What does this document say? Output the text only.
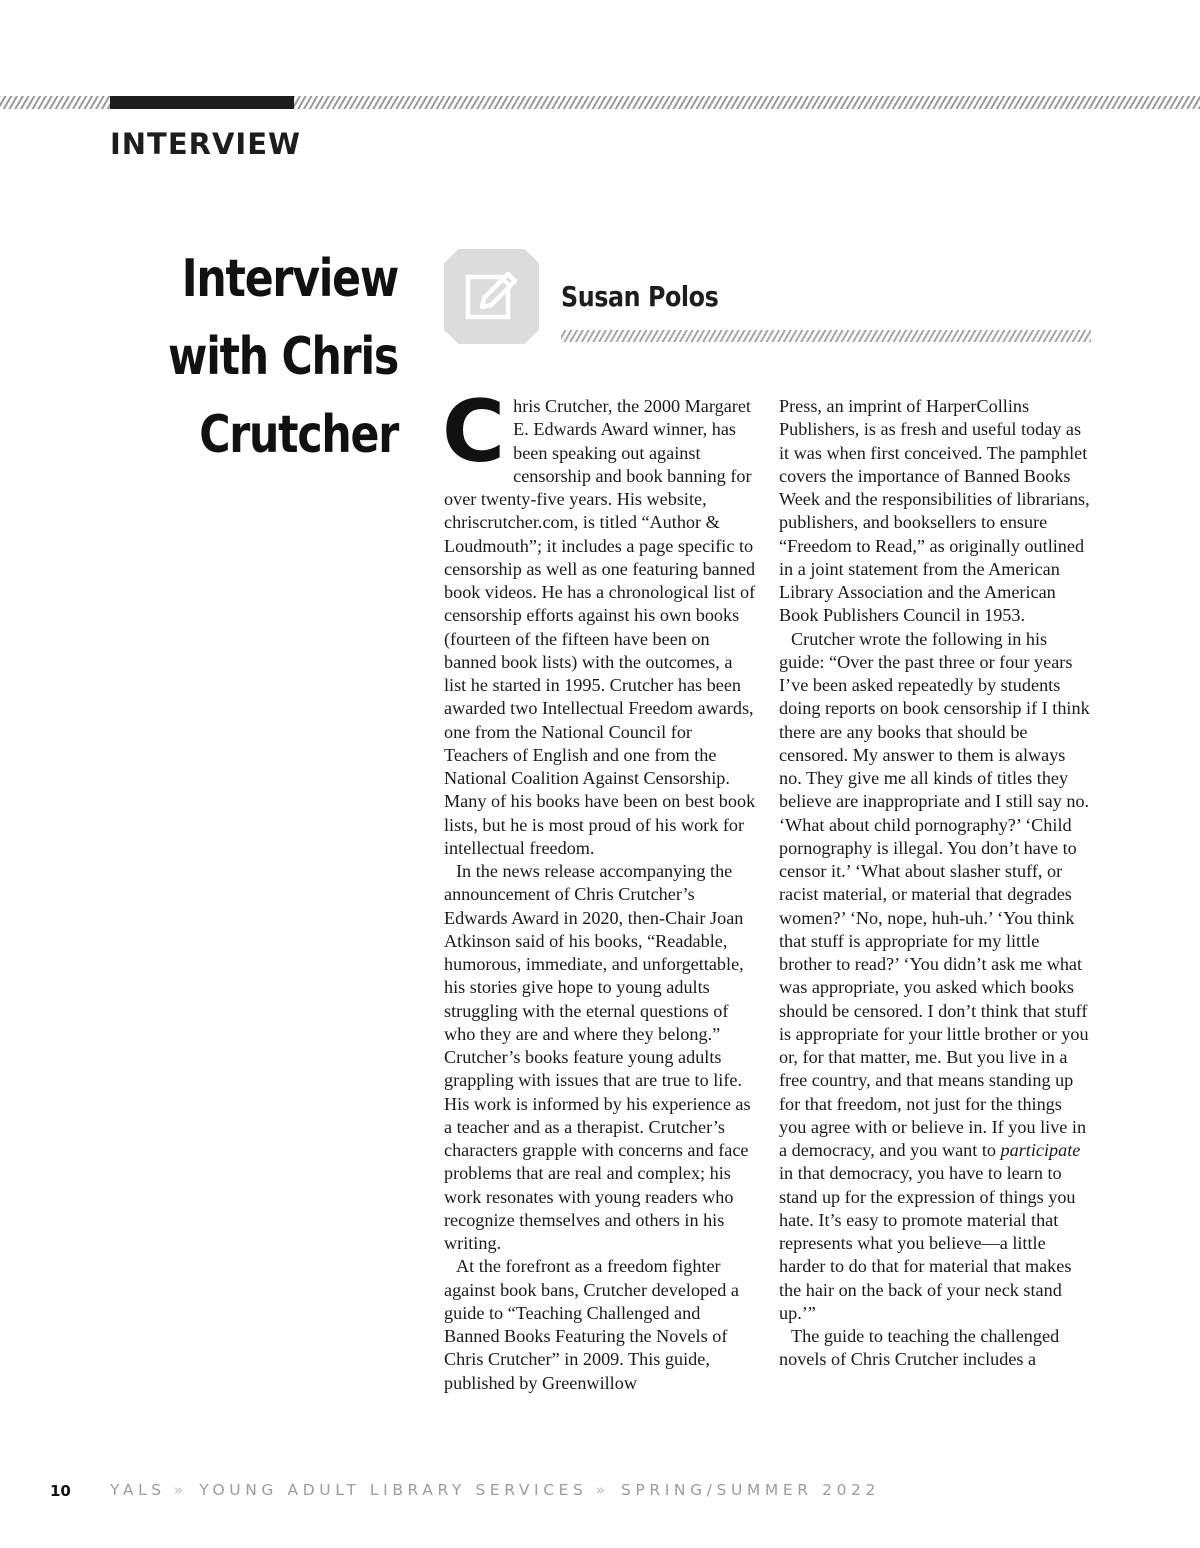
INTERVIEW
Interview
with Chris
Crutcher
Susan Polos

Chris Crutcher, the 2000 Margaret E. Edwards Award winner, has been speaking out against censorship and book banning for over twenty-five years. His website, chriscrutcher.com, is titled “Author & Loudmouth”; it includes a page specific to censorship as well as one featuring banned book videos. He has a chronological list of censorship efforts against his own books (fourteen of the fifteen have been on banned book lists) with the outcomes, a list he started in 1995. Crutcher has been awarded two Intellectual Freedom awards, one from the National Council for Teachers of English and one from the National Coalition Against Censorship. Many of his books have been on best book lists, but he is most proud of his work for intellectual freedom.

In the news release accompanying the announcement of Chris Crutcher’s Edwards Award in 2020, then-Chair Joan Atkinson said of his books, “Readable, humorous, immediate, and unforgettable, his stories give hope to young adults struggling with the eternal questions of who they are and where they belong.” Crutcher’s books feature young adults grappling with issues that are true to life. His work is informed by his experience as a teacher and as a therapist. Crutcher’s characters grapple with concerns and face problems that are real and complex; his work resonates with young readers who recognize themselves and others in his writing.

At the forefront as a freedom fighter against book bans, Crutcher developed a guide to “Teaching Challenged and Banned Books Featuring the Novels of Chris Crutcher” in 2009. This guide, published by Greenwillow

Press, an imprint of HarperCollins Publishers, is as fresh and useful today as it was when first conceived. The pamphlet covers the importance of Banned Books Week and the responsibilities of librarians, publishers, and booksellers to ensure “Freedom to Read,” as originally outlined in a joint statement from the American Library Association and the American Book Publishers Council in 1953.

Crutcher wrote the following in his guide: “Over the past three or four years I’ve been asked repeatedly by students doing reports on book censorship if I think there are any books that should be censored. My answer to them is always no. They give me all kinds of titles they believe are inappropriate and I still say no. ‘What about child pornography?’ ‘Child pornography is illegal. You don’t have to censor it.’ ‘What about slasher stuff, or racist material, or material that degrades women?’ ‘No, nope, huh-uh.’ ‘You think that stuff is appropriate for my little brother to read?’ ‘You didn’t ask me what was appropriate, you asked which books should be censored. I don’t think that stuff is appropriate for your little brother or you or, for that matter, me. But you live in a free country, and that means standing up for that freedom, not just for the things you agree with or believe in. If you live in a democracy, and you want to participate in that democracy, you have to learn to stand up for the expression of things you hate. It’s easy to promote material that represents what you believe—a little harder to do that for material that makes the hair on the back of your neck stand up.’”

The guide to teaching the challenged novels of Chris Crutcher includes a

10	YALS » YOUNG ADULT LIBRARY SERVICES » SPRING/SUMMER 2022
